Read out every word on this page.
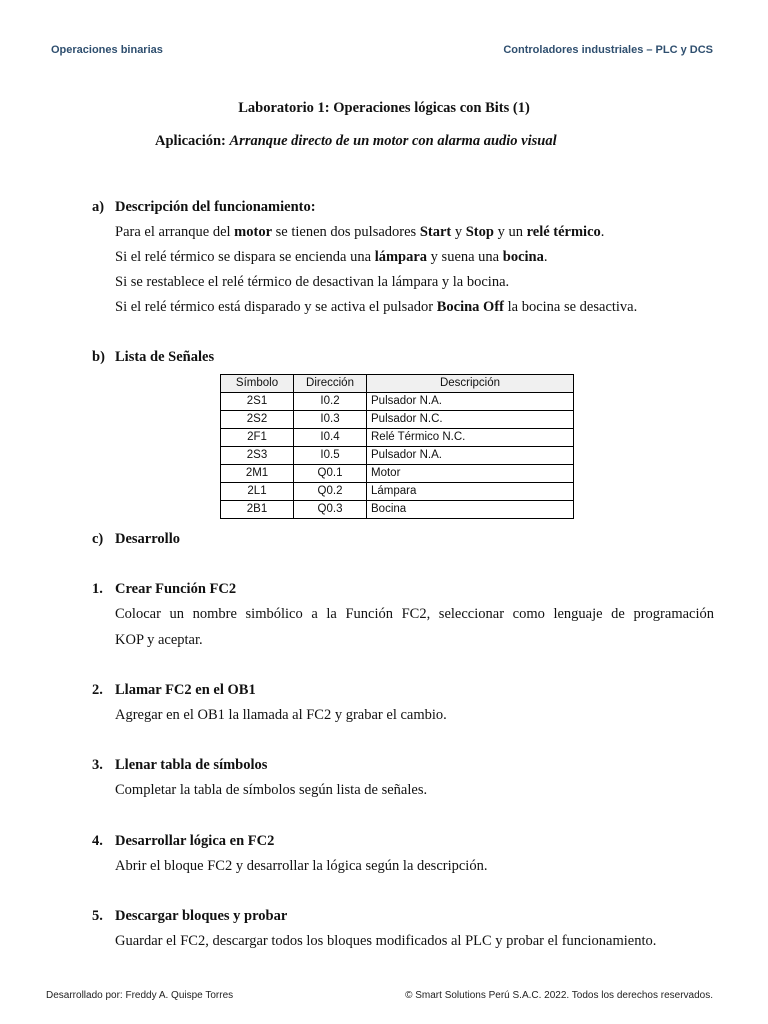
Operaciones binarias	Controladores industriales – PLC y DCS
Laboratorio 1: Operaciones lógicas con Bits (1)
Aplicación: Arranque directo de un motor con alarma audio visual
a) Descripción del funcionamiento:
Para el arranque del motor se tienen dos pulsadores Start y Stop y un relé térmico.
Si el relé térmico se dispara se encienda una lámpara y suena una bocina.
Si se restablece el relé térmico de desactivan la lámpara y la bocina.
Si el relé térmico está disparado y se activa el pulsador Bocina Off la bocina se desactiva.
b) Lista de Señales
Símbolo	Dirección	Descripción
2S1	I0.2	Pulsador N.A.
2S2	I0.3	Pulsador N.C.
2F1	I0.4	Relé Térmico N.C.
2S3	I0.5	Pulsador N.A.
2M1	Q0.1	Motor
2L1	Q0.2	Lámpara
2B1	Q0.3	Bocina
c) Desarrollo
1. Crear Función FC2
Colocar un nombre simbólico a la Función FC2, seleccionar como lenguaje de programación
KOP y aceptar.
2. Llamar FC2 en el OB1
Agregar en el OB1 la llamada al FC2 y grabar el cambio.
3. Llenar tabla de símbolos
Completar la tabla de símbolos según lista de señales.
4. Desarrollar lógica en FC2
Abrir el bloque FC2 y desarrollar la lógica según la descripción.
5. Descargar bloques y probar
Guardar el FC2, descargar todos los bloques modificados al PLC y probar el funcionamiento.
Desarrollado por: Freddy A. Quispe Torres	© Smart Solutions Perú S.A.C. 2022. Todos los derechos reservados.
